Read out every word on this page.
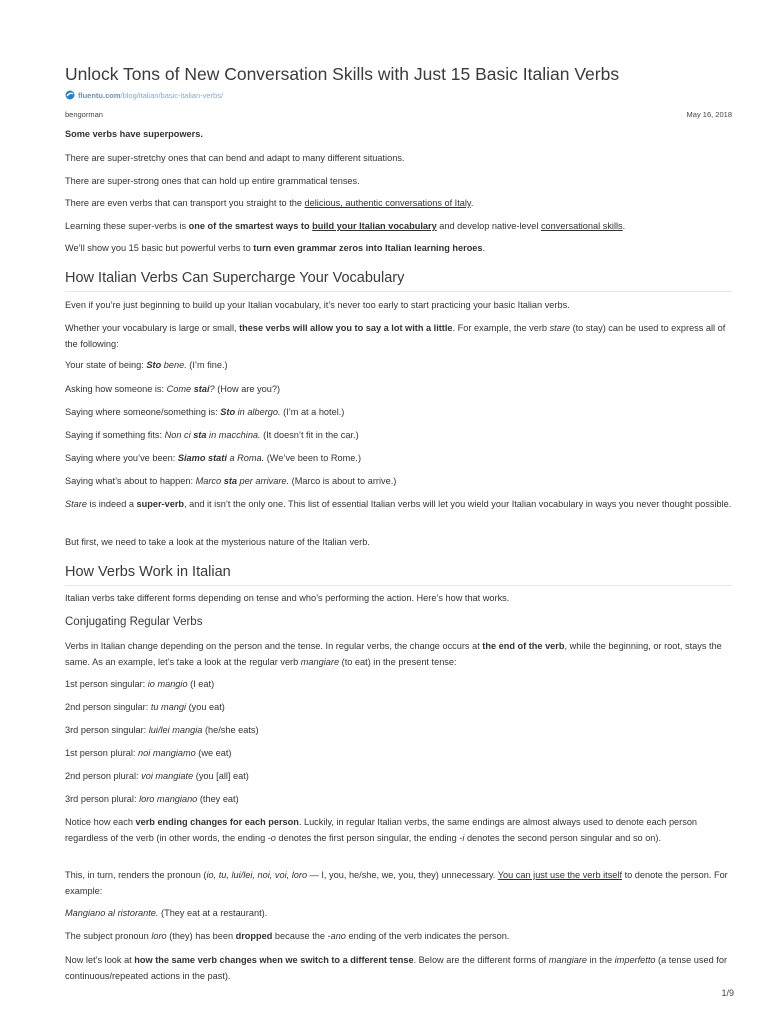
Unlock Tons of New Conversation Skills with Just 15 Basic Italian Verbs
fluentu.com /blog/italian/basic-italian-verbs/
bengorman	May 16, 2018

Some verbs have superpowers.

There are super-stretchy ones that can bend and adapt to many different situations.

There are super-strong ones that can hold up entire grammatical tenses.

There are even verbs that can transport you straight to the delicious, authentic conversations of Italy.

Learning these super-verbs is one of the smartest ways to build your Italian vocabulary and develop native-level conversational skills.

We’ll show you 15 basic but powerful verbs to turn even grammar zeros into Italian learning heroes.

How Italian Verbs Can Supercharge Your Vocabulary

Even if you’re just beginning to build up your Italian vocabulary, it’s never too early to start practicing your basic Italian verbs.

Whether your vocabulary is large or small, these verbs will allow you to say a lot with a little. For example, the verb stare (to stay) can be used to express all of the following:

Your state of being: Sto bene. (I’m fine.)

Asking how someone is: Come stai? (How are you?)

Saying where someone/something is: Sto in albergo. (I’m at a hotel.)

Saying if something fits: Non ci sta in macchina. (It doesn’t fit in the car.)

Saying where you’ve been: Siamo stati a Roma. (We’ve been to Rome.)

Saying what’s about to happen: Marco sta per arrivare. (Marco is about to arrive.)

Stare is indeed a super-verb, and it isn’t the only one. This list of essential Italian verbs will let you wield your Italian vocabulary in ways you never thought possible.

But first, we need to take a look at the mysterious nature of the Italian verb.

How Verbs Work in Italian

Italian verbs take different forms depending on tense and who’s performing the action. Here’s how that works.

Conjugating Regular Verbs

Verbs in Italian change depending on the person and the tense. In regular verbs, the change occurs at the end of the verb, while the beginning, or root, stays the same. As an example, let’s take a look at the regular verb mangiare (to eat) in the present tense:

1st person singular: io mangio (I eat)

2nd person singular: tu mangi (you eat)

3rd person singular: lui/lei mangia (he/she eats)

1st person plural: noi mangiamo (we eat)

2nd person plural: voi mangiate (you [all] eat)

3rd person plural: loro mangiano (they eat)

Notice how each verb ending changes for each person. Luckily, in regular Italian verbs, the same endings are almost always used to denote each person regardless of the verb (in other words, the ending -o denotes the first person singular, the ending -i denotes the second person singular and so on).

This, in turn, renders the pronoun (io, tu, lui/lei, noi, voi, loro — I, you, he/she, we, you, they) unnecessary. You can just use the verb itself to denote the person. For example:

Mangiano al ristorante. (They eat at a restaurant).

The subject pronoun loro (they) has been dropped because the -ano ending of the verb indicates the person.

Now let’s look at how the same verb changes when we switch to a different tense. Below are the different forms of mangiare in the imperfetto (a tense used for continuous/repeated actions in the past).

1/9
